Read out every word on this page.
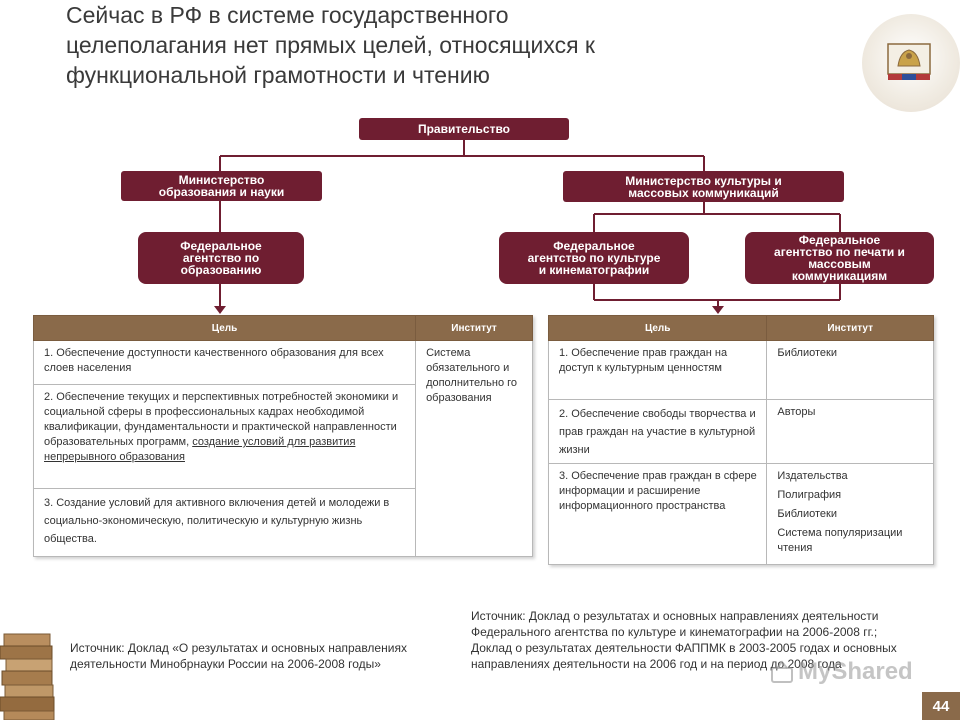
Сейчас в РФ в системе государственного
целеполагания нет прямых целей, относящихся к
функциональной грамотности и чтению
Правительство
Министерство
образования и науки
Министерство культуры и
массовых коммуникаций
Федеральное
агентство по
образованию
Федеральное
агентство по культуре
и кинематографии
Федеральное
агентство по печати и
массовым
коммуникациям
Цель	Институт
1. Обеспечение доступности качественного образования для всех слоев населения	Система обязательного и дополнительно го образования
2. Обеспечение текущих и перспективных потребностей экономики и социальной сферы в профессиональных кадрах необходимой квалификации, фундаментальности и практической направленности образовательных программ, создание условий для развития непрерывного образования	
3. Создание условий для активного включения детей и молодежи в социально-экономическую, политическую и культурную жизнь общества.	
Цель	Институт
1. Обеспечение прав граждан на доступ к культурным ценностям	Библиотеки

2. Обеспечение свободы творчества и прав граждан на участие в культурной жизни	Авторы

3. Обеспечение прав граждан в сфере информации и расширение информационного пространства	Издательства
Полиграфия
Библиотеки
Система популяризации чтения
Источник: Доклад «О результатах и основных направлениях
деятельности Минобрнауки России на 2006-2008 годы»
Источник: Доклад о результатах и основных направлениях деятельности
Федерального агентства по культуре и кинематографии на 2006-2008 гг.;
Доклад о результатах деятельности ФАППМК в 2003-2005 годах и основных
направлениях деятельности на 2006 год и на период до 2008 года
MyShared
44
